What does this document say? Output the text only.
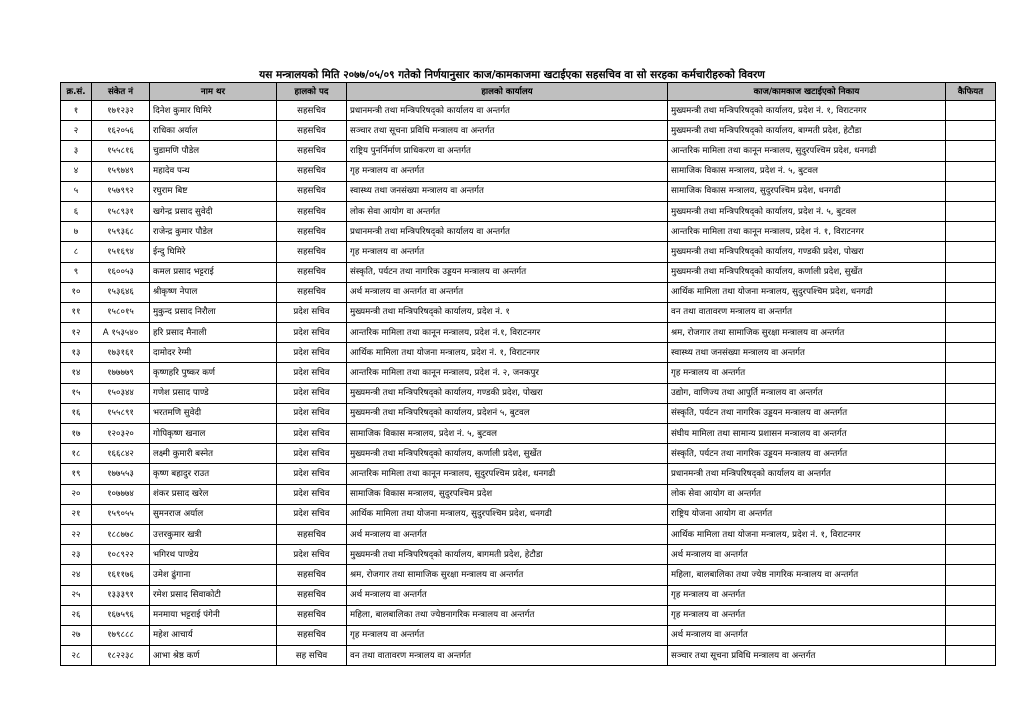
यस मन्त्रालयको मिति २०७७/०५/०९ गतेको निर्णयानुसार काज/कामकाजमा खटाईएका सहसचिव वा सो सरहका कर्मचारीहरुको विवरण
क्र.सं.	संकेत नं	नाम थर	हालको पद	हालको कार्यालय	काज/कामकाज खटाईएको निकाय	कैफियत
१	१७१२३२	दिनेश कुमार घिमिरे	सहसचिव	प्रधानमन्त्री तथा मन्त्रिपरिषद्को कार्यालय वा अन्तर्गत	मुख्यमन्त्री तथा मन्त्रिपरिषद्को कार्यालय, प्रदेश नं. १, विराटनगर	
२	१६२०५६	राधिका अर्याल	सहसचिव	सञ्चार तथा सूचना प्रविधि मन्त्रालय वा अन्तर्गत	मुख्यमन्त्री तथा मन्त्रिपरिषद्को कार्यालय, बाग्मती प्रदेश, हेटौडा	
३	१५५८१६	चुडामणि पौडेल	सहसचिव	राष्ट्रिय पुनर्निर्माण प्राधिकरण वा अन्तर्गत	आन्तरिक मामिला तथा कानून मन्त्रालय, सुदुरपश्चिम प्रदेश, धनगढी	
४	१५९७४९	महादेव पन्थ	सहसचिव	गृह मन्त्रालय वा अन्तर्गत	सामाजिक विकास मन्त्रालय, प्रदेश नं. ५, बुटवल	
५	१५७९९२	रघुराम बिष्ट	सहसचिव	स्वास्थ्य तथा जनसंख्या मन्त्रालय वा अन्तर्गत	सामाजिक विकास मन्त्रालय, सुदुरपश्चिम प्रदेश, धनगढी	
६	१५८९३१	खगेन्द्र प्रसाद सुवेदी	सहसचिव	लोक सेवा आयोग वा अन्तर्गत	मुख्यमन्त्री तथा मन्त्रिपरिषद्को कार्यालय, प्रदेश नं. ५, बुटवल	
७	१५९३६८	राजेन्द्र कुमार पौडेल	सहसचिव	प्रधानमन्त्री तथा मन्त्रिपरिषद्को कार्यालय वा अन्तर्गत	आन्तरिक मामिला तथा कानून मन्त्रालय, प्रदेश नं. १, विराटनगर	
८	१५१६९४	ईन्दु घिमिरे	सहसचिव	गृह मन्त्रालय वा अन्तर्गत	मुख्यमन्त्री तथा मन्त्रिपरिषद्को कार्यालय, गण्डकी प्रदेश, पोखरा	
९	१६००५३	कमल प्रसाद भट्टराई	सहसचिव	संस्कृति, पर्यटन तथा नागरिक उड्डयन मन्त्रालय वा अन्तर्गत	मुख्यमन्त्री तथा मन्त्रिपरिषद्को कार्यालय, कर्णाली प्रदेश, सुर्खेत	
१०	१५३६४६	श्रीकृष्ण नेपाल	सहसचिव	अर्थ मन्त्रालय वा अन्तर्गत वा अन्तर्गत	आर्थिक मामिला तथा योजना मन्त्रालय, सुदुरपश्चिम प्रदेश, धनगढी	
११	१५८०१५	मुकुन्द प्रसाद निरौला	प्रदेश सचिव	मुख्यमन्त्री तथा मन्त्रिपरिषद्को कार्यालय, प्रदेश नं. १	वन तथा वातावरण मन्त्रालय वा अन्तर्गत	
१२	A १५३५४०	हरि प्रसाद मैनाली	प्रदेश सचिव	आन्तरिक मामिला तथा कानून मन्त्रालय, प्रदेश नं.१, विराटनगर	श्रम, रोजगार तथा सामाजिक सुरक्षा मन्त्रालय वा अन्तर्गत	
१३	१७३१६१	दामोदर रेग्मी	प्रदेश सचिव	आर्थिक मामिला तथा योजना मन्त्रालय, प्रदेश नं. १, विराटनगर	स्वास्थ्य तथा जनसंख्या मन्त्रालय वा अन्तर्गत	
१४	१७७७७९	कृष्णहरि पुष्कर कर्ण	प्रदेश सचिव	आन्तरिक मामिला तथा कानून मन्त्रालय, प्रदेश नं. २, जनकपुर	गृह मन्त्रालय वा अन्तर्गत	
१५	१५०३४४	गणेश प्रसाद पाण्डे	प्रदेश सचिव	मुख्यमन्त्री तथा मन्त्रिपरिषद्को कार्यालय, गण्डकी प्रदेश, पोखरा	उद्योग, वाणिज्य तथा आपुर्ति मन्त्रालय वा अन्तर्गत	
१६	१५५८९१	भरतमणि सुवेदी	प्रदेश सचिव	मुख्यमन्त्री तथा मन्त्रिपरिषद्को कार्यालय, प्रदेशनं ५, बुटवल	संस्कृति, पर्यटन तथा नागरिक उड्डयन मन्त्रालय वा अन्तर्गत	
१७	१२०३२०	गोपिकृष्ण खनाल	प्रदेश सचिव	सामाजिक विकास मन्त्रालय, प्रदेश नं. ५, बुटवल	संघीय मामिला तथा सामान्य प्रशासन मन्त्रालय वा अन्तर्गत	
१८	१६६८४२	लक्ष्मी कुमारी बस्नेत	प्रदेश सचिव	मुख्यमन्त्री तथा मन्त्रिपरिषद्को कार्यालय, कर्णाली प्रदेश, सुर्खेत	संस्कृति, पर्यटन तथा नागरिक उड्डयन मन्त्रालय वा अन्तर्गत	
१९	१७७५५३	कृष्ण बहादुर राउत	प्रदेश सचिव	आन्तरिक मामिला तथा कानून मन्त्रालय, सुदुरपश्चिम प्रदेश, धनगढी	प्रधानमन्त्री तथा मन्त्रिपरिषद्को कार्यालय वा अन्तर्गत	
२०	१०७७७४	शंकर प्रसाद खरेल	प्रदेश सचिव	सामाजिक विकास मन्त्रालय, सुदुरपश्चिम प्रदेश	लोक सेवा आयोग वा अन्तर्गत	
२१	१५९०५५	सुमनराज अर्याल	प्रदेश सचिव	आर्थिक मामिला तथा योजना मन्त्रालय, सुदुरपश्चिम प्रदेश, धनगढी	राष्ट्रिय योजना आयोग वा अन्तर्गत	
२२	१८८७७८	उत्तरकुमार खत्री	सहसचिव	अर्थ मन्त्रालय वा अन्तर्गत	आर्थिक मामिला तथा योजना मन्त्रालय, प्रदेश नं. १, विराटनगर	
२३	१०८९२२	भगिरथ पाण्डेय	प्रदेश सचिव	मुख्यमन्त्री तथा मन्त्रिपरिषद्को कार्यालय, बागमती प्रदेश, हेटौडा	अर्थ मन्त्रालय वा अन्तर्गत	
२४	१६११७६	उमेश ढुंगाना	सहसचिव	श्रम, रोजगार तथा सामाजिक सुरक्षा मन्त्रालय वा अन्तर्गत	महिला, बालबालिका तथा ज्येष्ठ नागरिक मन्त्रालय वा अन्तर्गत	
२५	१३३३९१	रमेश प्रसाद सिवाकोटी	सहसचिव	अर्थ मन्त्रालय वा अन्तर्गत	गृह मन्त्रालय वा अन्तर्गत	
२६	१६७५९६	मनमाया भट्टराई पंगेनी	सहसचिव	महिला, बालबालिका तथा ज्येष्ठनागरिक मन्त्रालय वा अन्तर्गत	गृह मन्त्रालय वा अन्तर्गत	
२७	१७९८८८	महेश आचार्य	सहसचिव	गृह मन्त्रालय वा अन्तर्गत	अर्थ मन्त्रालय वा अन्तर्गत	
२८	१८२२३८	आभा श्रेष्ठ कर्ण	सह सचिव	वन तथा वातावरण मन्त्रालय वा अन्तर्गत	सञ्चार तथा सूचना प्रविधि मन्त्रालय वा अन्तर्गत	
